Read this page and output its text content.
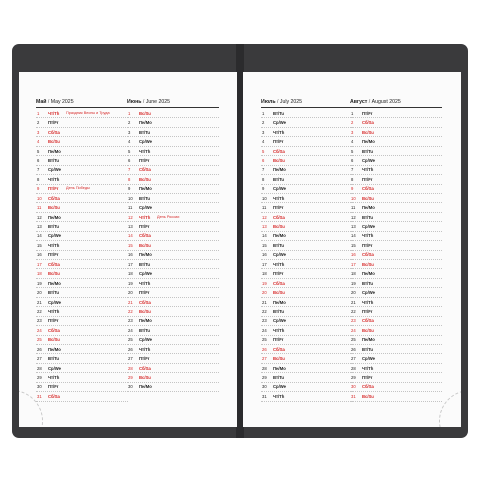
Май / May 2025
1	Чт/Th Праздник Весны и Труда
2	Пт/Fr
3	Сб/Sa
4	Вс/Su
5	Пн/Mo
6	Вт/Tu
7	Ср/We
8	Чт/Th
9	Пт/Fr День Победы
10	Сб/Sa
11	Вс/Su
12	Пн/Mo
13	Вт/Tu
14	Ср/We
15	Чт/Th
16	Пт/Fr
17	Сб/Sa
18	Вс/Su
19	Пн/Mo
20	Вт/Tu
21	Ср/We
22	Чт/Th
23	Пт/Fr
24	Сб/Sa
25	Вс/Su
26	Пн/Mo
27	Вт/Tu
28	Ср/We
29	Чт/Th
30	Пт/Fr
31	Сб/Sa
Июнь / June 2025
1	Вс/Su
2	Пн/Mo
3	Вт/Tu
4	Ср/We
5	Чт/Th
6	Пт/Fr
7	Сб/Sa
8	Вс/Su
9	Пн/Mo
10	Вт/Tu
11	Ср/We
12	Чт/Th День России
13	Пт/Fr
14	Сб/Sa
15	Вс/Su
16	Пн/Mo
17	Вт/Tu
18	Ср/We
19	Чт/Th
20	Пт/Fr
21	Сб/Sa
22	Вс/Su
23	Пн/Mo
24	Вт/Tu
25	Ср/We
26	Чт/Th
27	Пт/Fr
28	Сб/Sa
29	Вс/Su
30	Пн/Mo
Июль / July 2025
1	Вт/Tu
2	Ср/We
3	Чт/Th
4	Пт/Fr
5	Сб/Sa
6	Вс/Su
7	Пн/Mo
8	Вт/Tu
9	Ср/We
10	Чт/Th
11	Пт/Fr
12	Сб/Sa
13	Вс/Su
14	Пн/Mo
15	Вт/Tu
16	Ср/We
17	Чт/Th
18	Пт/Fr
19	Сб/Sa
20	Вс/Su
21	Пн/Mo
22	Вт/Tu
23	Ср/We
24	Чт/Th
25	Пт/Fr
26	Сб/Sa
27	Вс/Su
28	Пн/Mo
29	Вт/Tu
30	Ср/We
31	Чт/Th
Август / August 2025
1	Пт/Fr
2	Сб/Sa
3	Вс/Su
4	Пн/Mo
5	Вт/Tu
6	Ср/We
7	Чт/Th
8	Пт/Fr
9	Сб/Sa
10	Вс/Su
11	Пн/Mo
12	Вт/Tu
13	Ср/We
14	Чт/Th
15	Пт/Fr
16	Сб/Sa
17	Вс/Su
18	Пн/Mo
19	Вт/Tu
20	Ср/We
21	Чт/Th
22	Пт/Fr
23	Сб/Sa
24	Вс/Su
25	Пн/Mo
26	Вт/Tu
27	Ср/We
28	Чт/Th
29	Пт/Fr
30	Сб/Sa
31	Вс/Su
